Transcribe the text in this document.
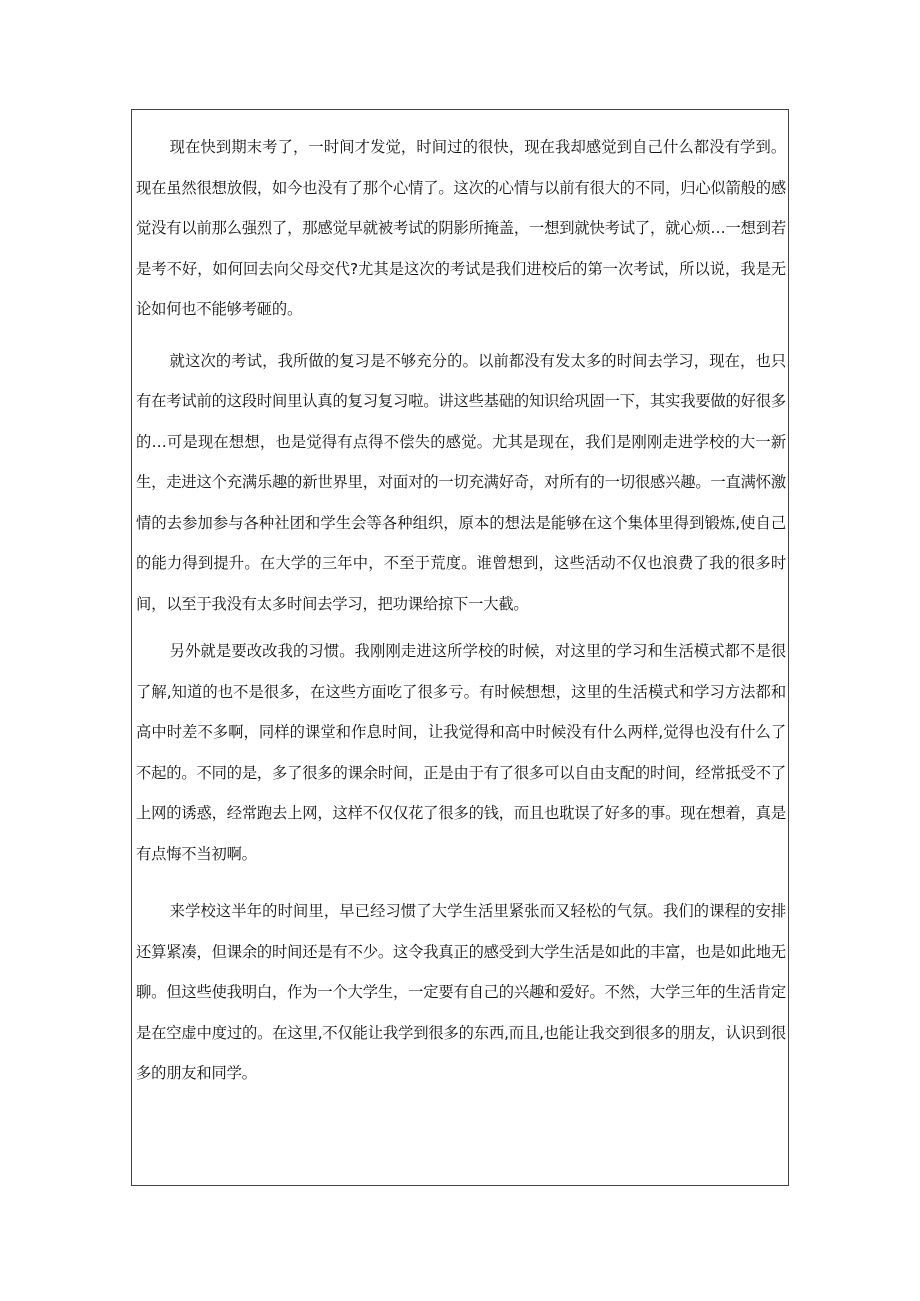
现在快到期末考了，一时间才发觉，时间过的很快，现在我却感觉到自己什么都没有学到。现在虽然很想放假，如今也没有了那个心情了。这次的心情与以前有很大的不同，归心似箭般的感觉没有以前那么强烈了，那感觉早就被考试的阴影所掩盖，一想到就快考试了，就心烦…一想到若是考不好，如何回去向父母交代?尤其是这次的考试是我们进校后的第一次考试，所以说，我是无论如何也不能够考砸的。

就这次的考试，我所做的复习是不够充分的。以前都没有发太多的时间去学习，现在，也只有在考试前的这段时间里认真的复习复习啦。讲这些基础的知识给巩固一下，其实我要做的好很多的…可是现在想想，也是觉得有点得不偿失的感觉。尤其是现在，我们是刚刚走进学校的大一新生，走进这个充满乐趣的新世界里，对面对的一切充满好奇，对所有的一切很感兴趣。一直满怀激情的去参加参与各种社团和学生会等各种组织，原本的想法是能够在这个集体里得到锻炼,使自己的能力得到提升。在大学的三年中，不至于荒度。谁曾想到，这些活动不仅也浪费了我的很多时间，以至于我没有太多时间去学习，把功课给掠下一大截。

另外就是要改改我的习惯。我刚刚走进这所学校的时候，对这里的学习和生活模式都不是很了解,知道的也不是很多，在这些方面吃了很多亏。有时候想想，这里的生活模式和学习方法都和高中时差不多啊，同样的课堂和作息时间，让我觉得和高中时候没有什么两样,觉得也没有什么了不起的。不同的是，多了很多的课余时间，正是由于有了很多可以自由支配的时间，经常抵受不了上网的诱惑，经常跑去上网，这样不仅仅花了很多的钱，而且也耽误了好多的事。现在想着，真是有点悔不当初啊。

来学校这半年的时间里，早已经习惯了大学生活里紧张而又轻松的气氛。我们的课程的安排还算紧凑，但课余的时间还是有不少。这令我真正的感受到大学生活是如此的丰富，也是如此地无聊。但这些使我明白，作为一个大学生，一定要有自己的兴趣和爱好。不然，大学三年的生活肯定是在空虚中度过的。在这里,不仅能让我学到很多的东西,而且,也能让我交到很多的朋友，认识到很多的朋友和同学。
